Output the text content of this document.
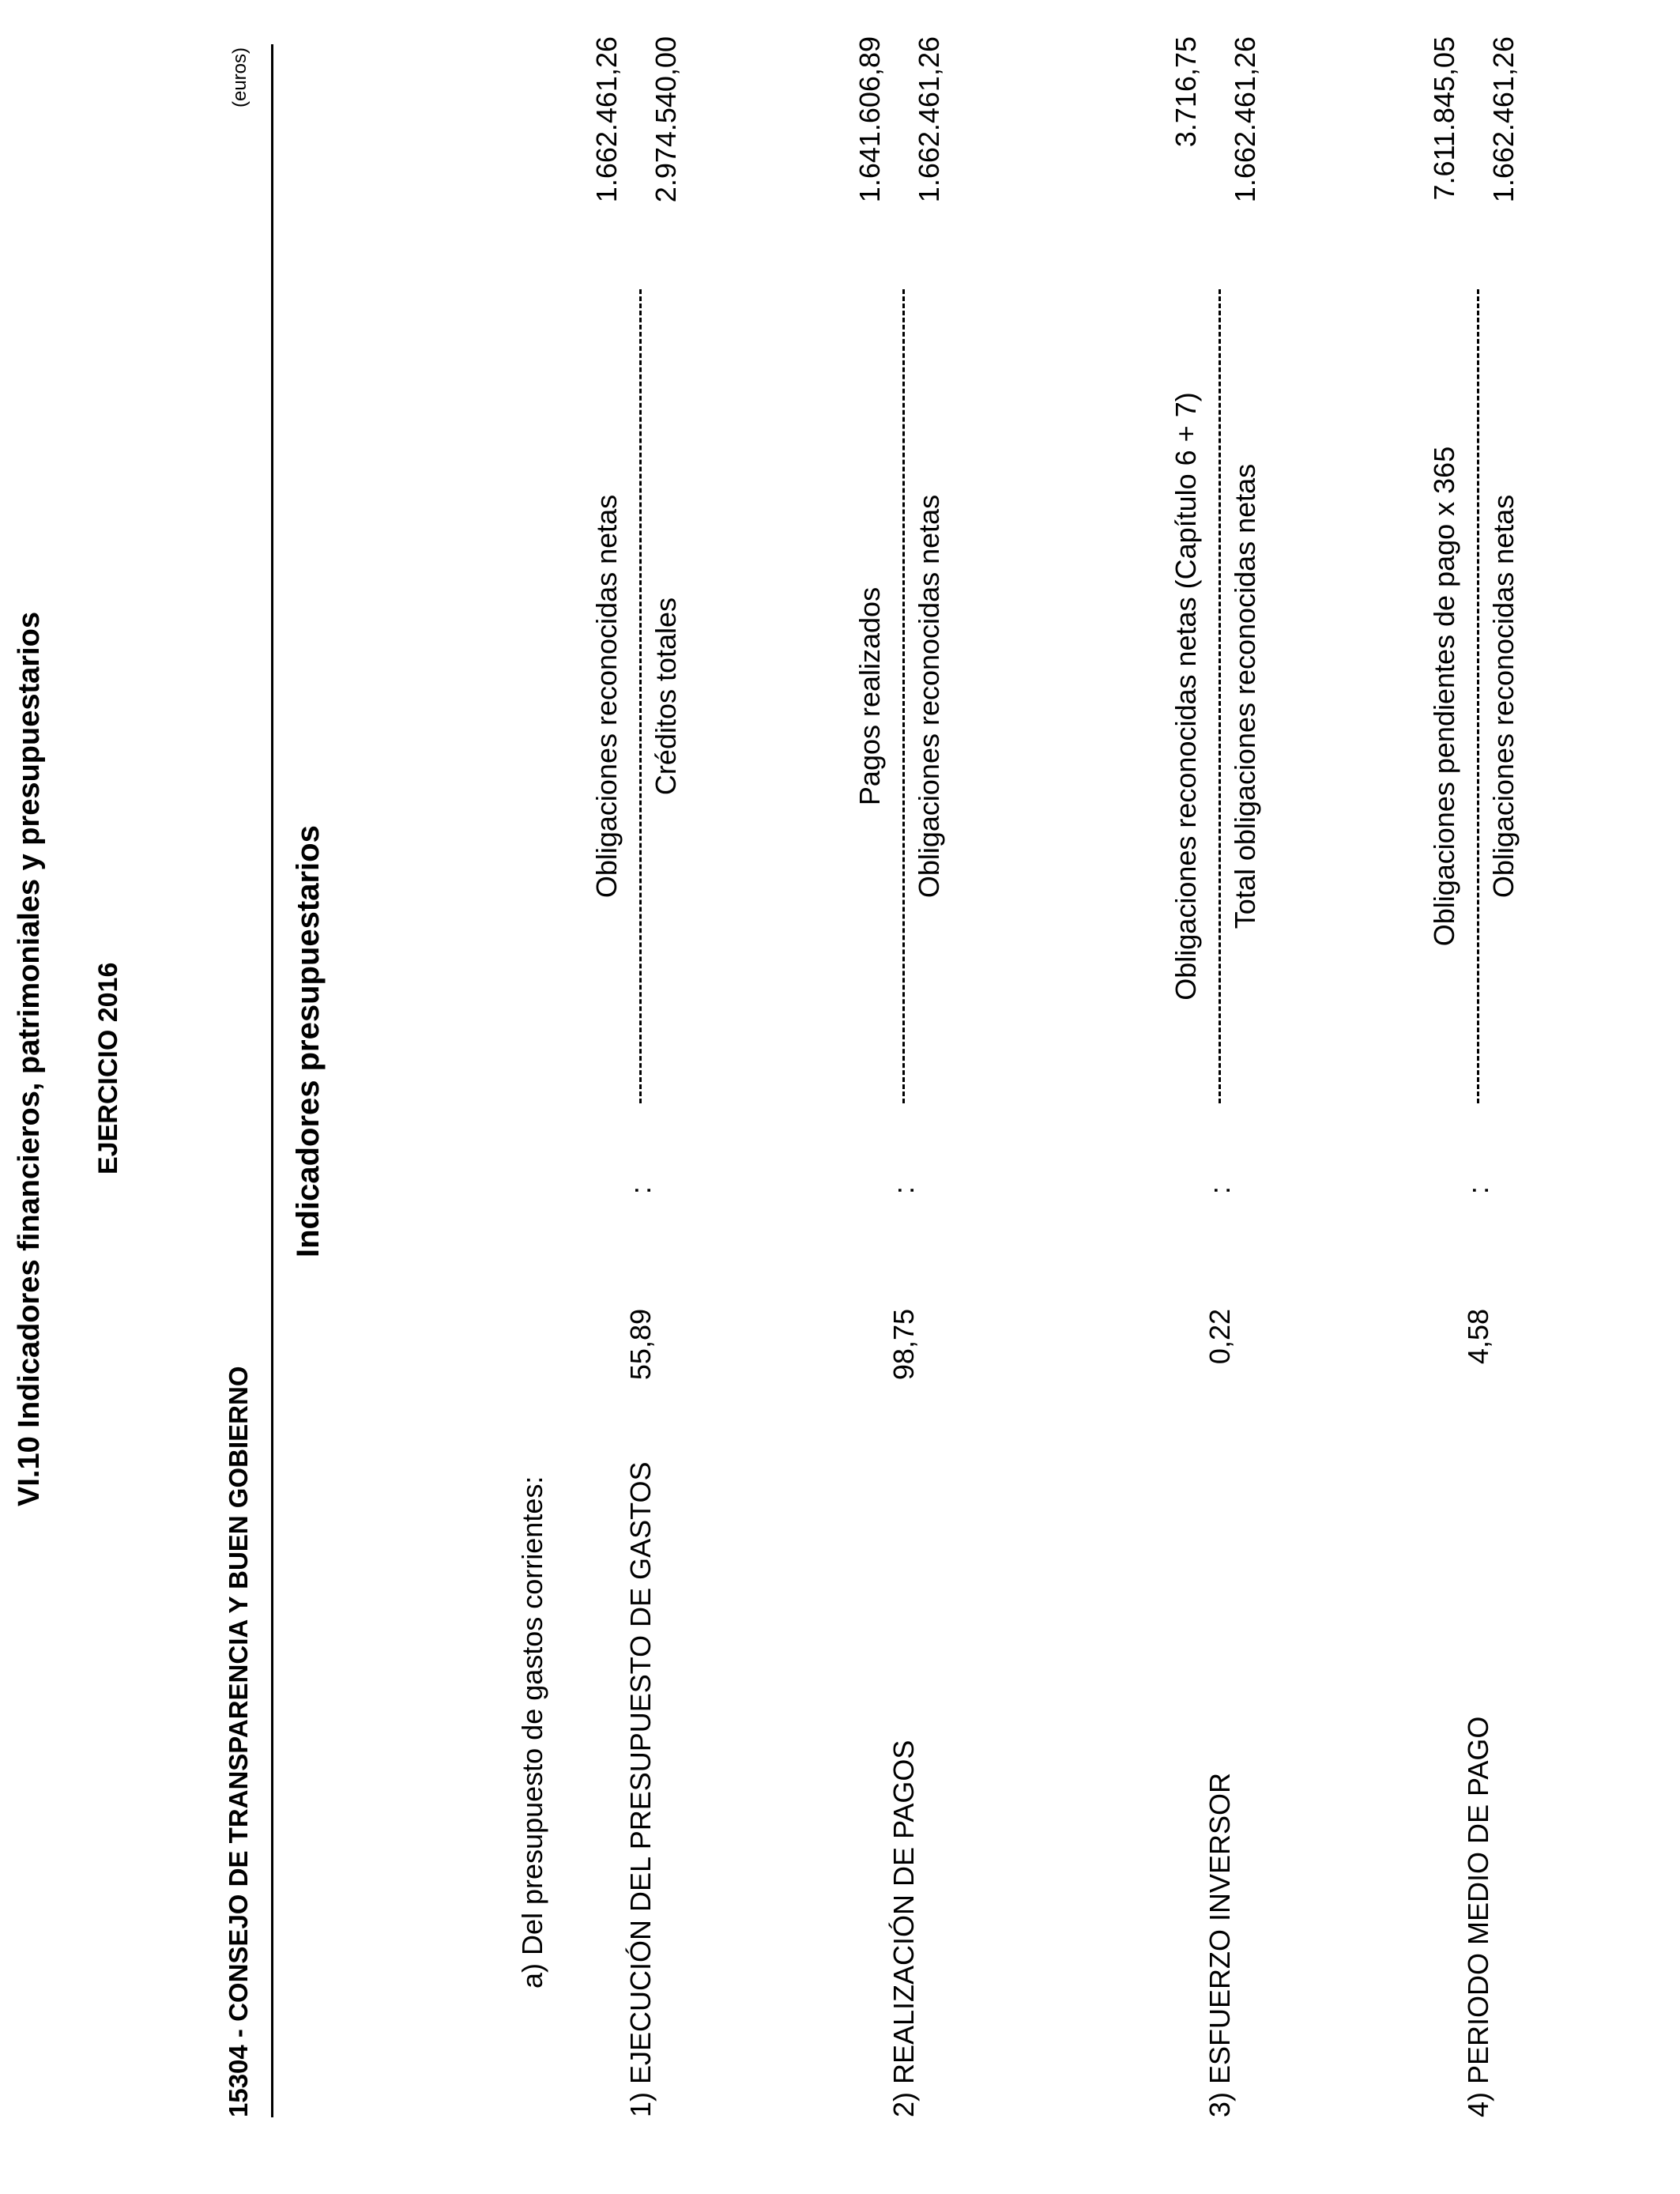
VI.10 Indicadores financieros, patrimoniales y presupuestarios EJERCICIO 2016
15304 - CONSEJO DE TRANSPARENCIA Y BUEN GOBIERNO
(euros)
Indicadores presupuestarios
a) Del presupuesto de gastos corrientes:	1) EJECUCIÓN DEL PRESUPUESTO DE GASTOS
55,89
:
Obligaciones reconocidas netas Créditos totales
1.662.461,26 2.974.540,00
2) REALIZACIÓN DE PAGOS
98,75
:
Pagos realizados Obligaciones reconocidas netas
1.641.606,89 1.662.461,26
3) ESFUERZO INVERSOR
0,22
:
Obligaciones reconocidas netas (Capítulo 6 + 7) Total obligaciones reconocidas netas
3.716,75 1.662.461,26
4) PERIODO MEDIO DE PAGO
4,58
:
Obligaciones pendientes de pago x 365 Obligaciones reconocidas netas
7.611.845,05 1.662.461,26
